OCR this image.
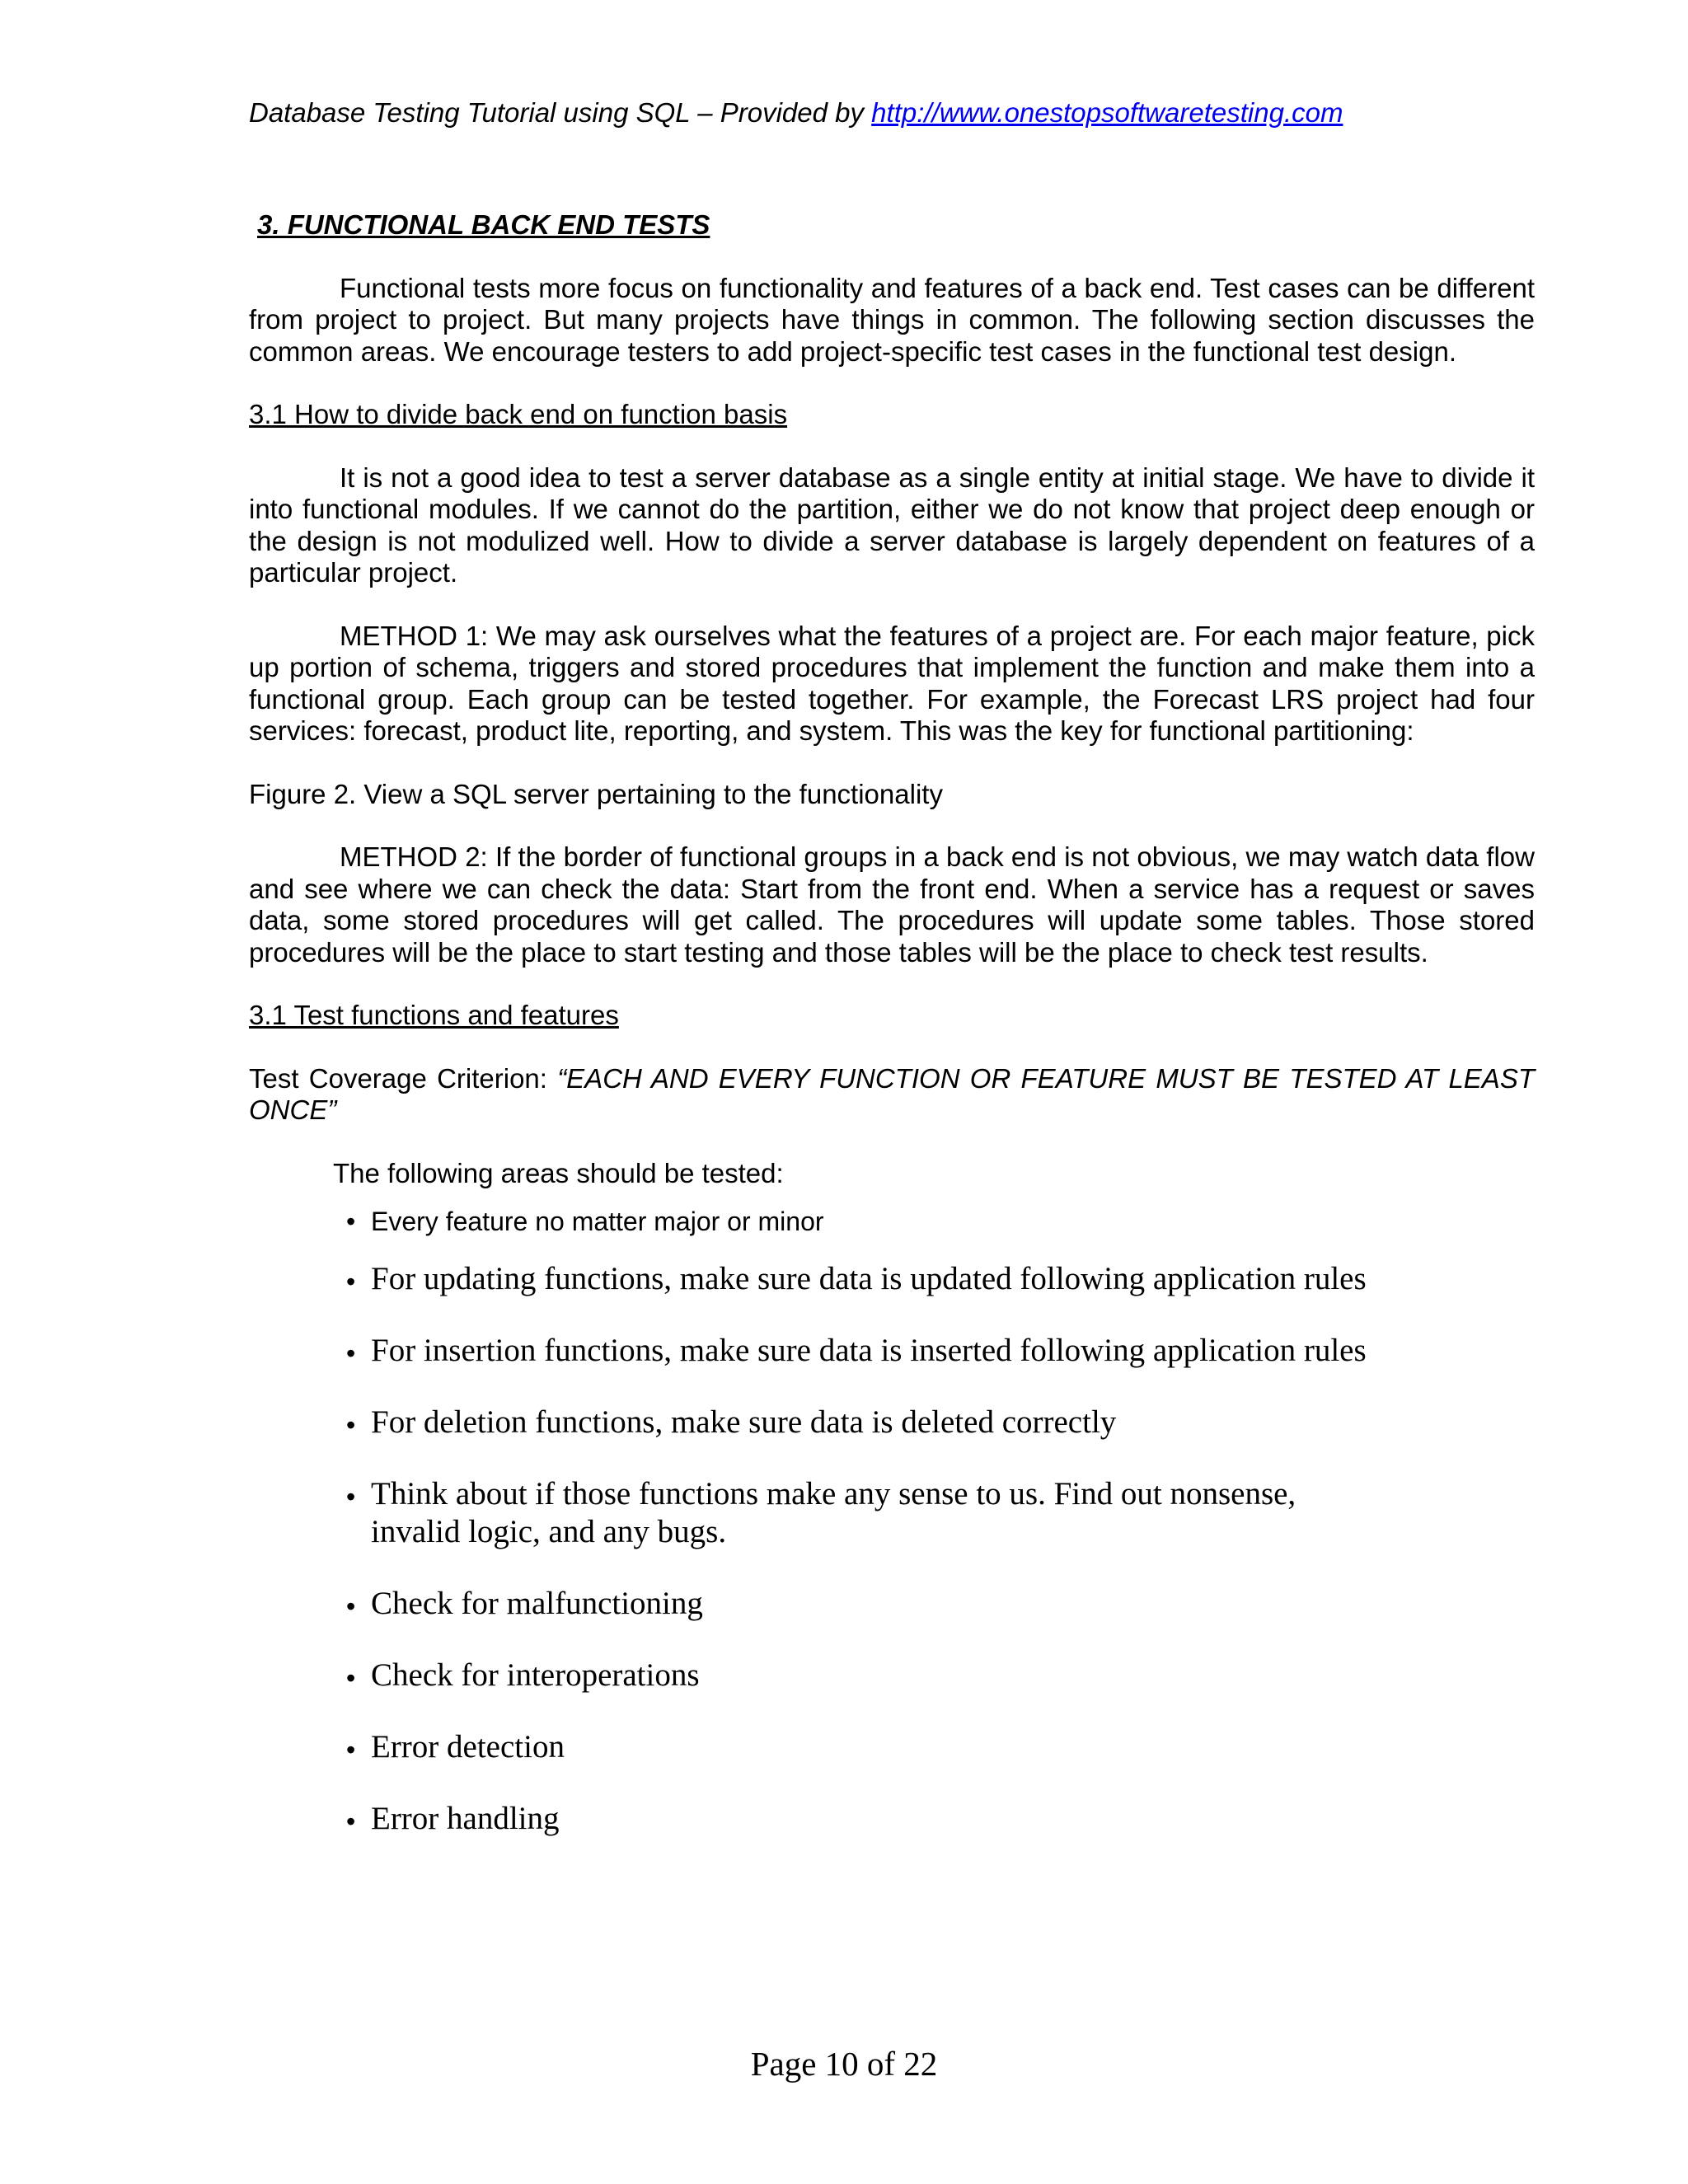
Database Testing Tutorial using SQL – Provided by http://www.onestopsoftwaretesting.com
3. FUNCTIONAL BACK END TESTS
Functional tests more focus on functionality and features of a back end. Test cases can be different from project to project. But many projects have things in common. The following section discusses the common areas. We encourage testers to add project-specific test cases in the functional test design.
3.1 How to divide back end on function basis
It is not a good idea to test a server database as a single entity at initial stage. We have to divide it into functional modules. If we cannot do the partition, either we do not know that project deep enough or the design is not modulized well. How to divide a server database is largely dependent on features of a particular project.
METHOD 1: We may ask ourselves what the features of a project are. For each major feature, pick up portion of schema, triggers and stored procedures that implement the function and make them into a functional group. Each group can be tested together. For example, the Forecast LRS project had four services: forecast, product lite, reporting, and system. This was the key for functional partitioning:
Figure 2. View a SQL server pertaining to the functionality
METHOD 2: If the border of functional groups in a back end is not obvious, we may watch data flow and see where we can check the data: Start from the front end. When a service has a request or saves data, some stored procedures will get called. The procedures will update some tables. Those stored procedures will be the place to start testing and those tables will be the place to check test results.
3.1 Test functions and features
Test Coverage Criterion: “EACH AND EVERY FUNCTION OR FEATURE MUST BE TESTED AT LEAST ONCE”
The following areas should be tested:
• Every feature no matter major or minor
• For updating functions, make sure data is updated following application rules
• For insertion functions, make sure data is inserted following application rules
• For deletion functions, make sure data is deleted correctly
• Think about if those functions make any sense to us. Find out nonsense, invalid logic, and any bugs.
• Check for malfunctioning
• Check for interoperations
• Error detection
• Error handling
Page 10 of 22
